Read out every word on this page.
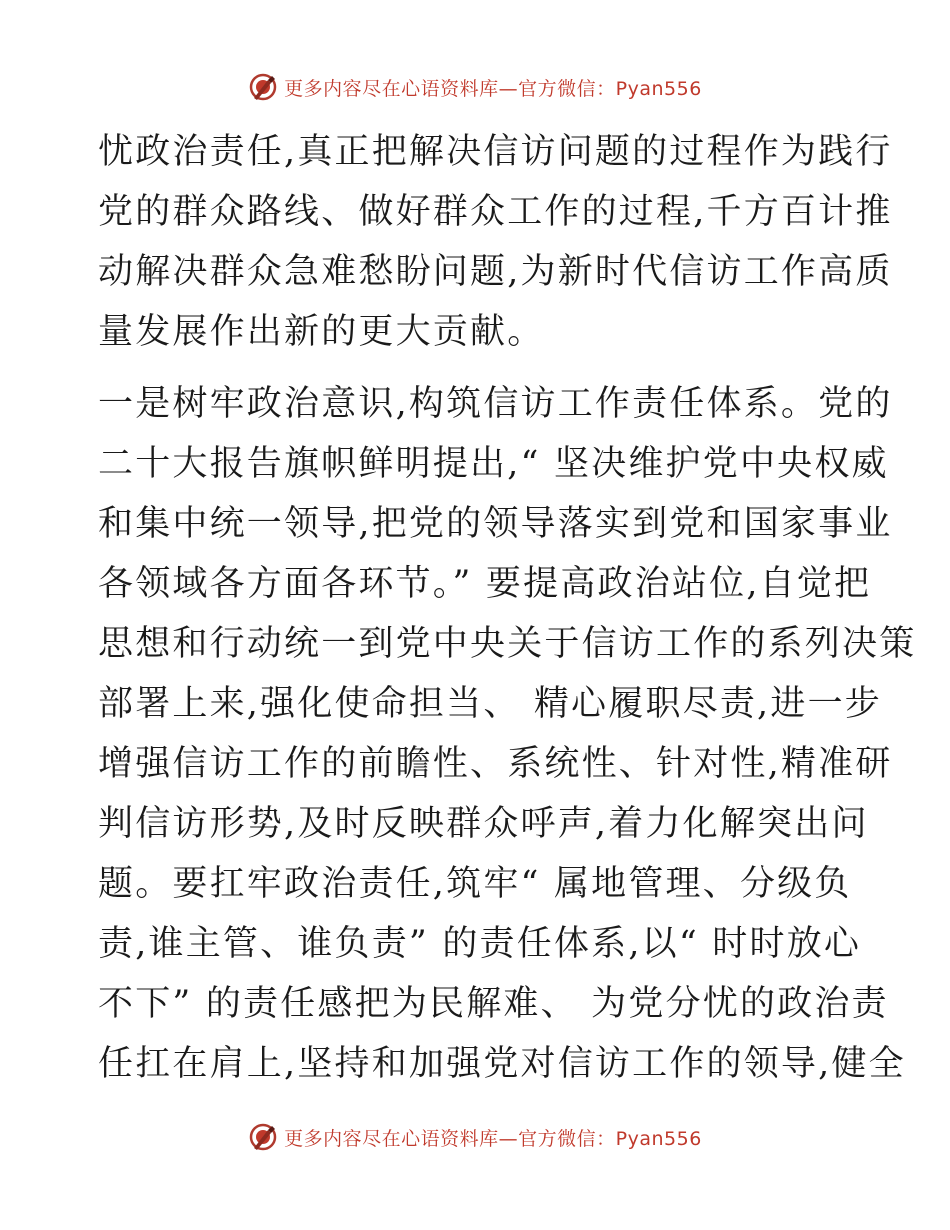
更多内容尽在心语资料库—官方微信：Pyan556
忧政治责任,真正把解决信访问题的过程作为践行
党的群众路线、做好群众工作的过程,千方百计推
动解决群众急难愁盼问题,为新时代信访工作高质
量发展作出新的更大贡献。
一是树牢政治意识,构筑信访工作责任体系。党的
二十大报告旗帜鲜明提出,“ 坚决维护党中央权威
和集中统一领导,把党的领导落实到党和国家事业
各领域各方面各环节。” 要提高政治站位,自觉把
思想和行动统一到党中央关于信访工作的系列决策
部署上来,强化使命担当、 精心履职尽责,进一步
增强信访工作的前瞻性、系统性、针对性,精准研
判信访形势,及时反映群众呼声,着力化解突出问
题。要扛牢政治责任,筑牢“ 属地管理、分级负
责,谁主管、谁负责” 的责任体系,以“ 时时放心
不下” 的责任感把为民解难、 为党分忧的政治责
任扛在肩上,坚持和加强党对信访工作的领导,健全
更多内容尽在心语资料库—官方微信：Pyan556
